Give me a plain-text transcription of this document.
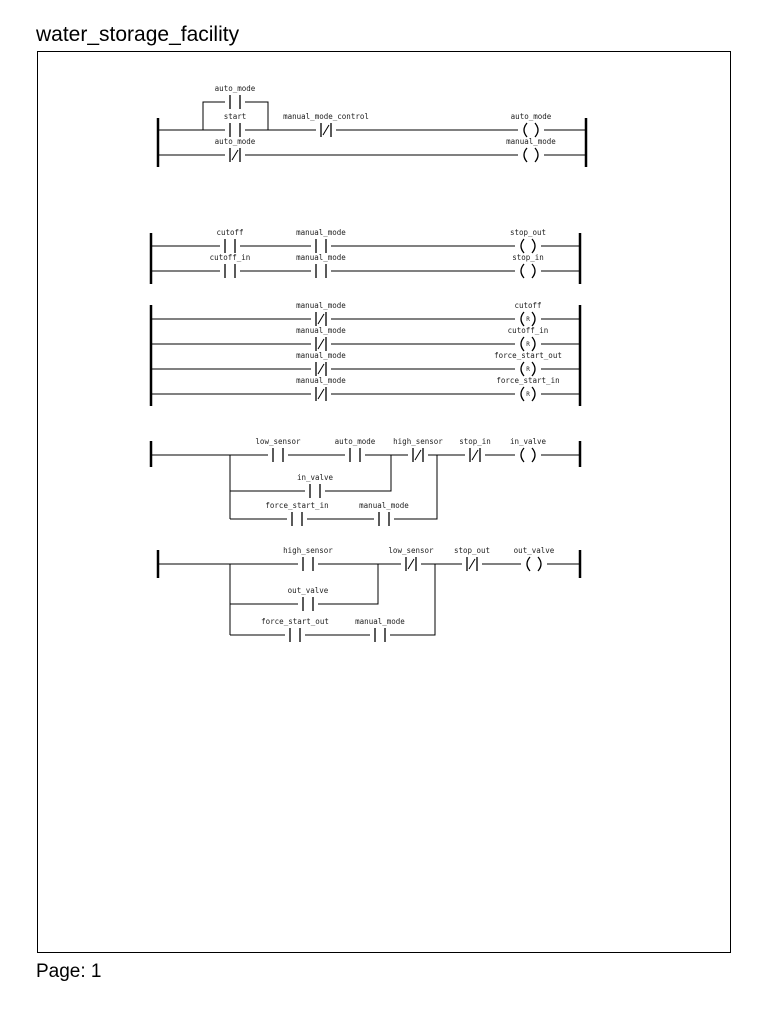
water_storage_facility
auto_mode
start	manual_mode_control	auto_mode
auto_mode	manual_mode
cutoff	manual_mode	stop_out
cutoff_in	manual_mode	stop_in
manual_mode
R
cutoff
manual_mode
R
cutoff_in
manual_mode
R
force_start_out
manual_mode
R
force_start_in
low_sensor	auto_mode high_sensor stop_in	in_valve
in_valve
force_start_in	manual_mode
high_sensor	low_sensor	stop_out	out_valve
out_valve
force_start_out	manual_mode
Page: 1
